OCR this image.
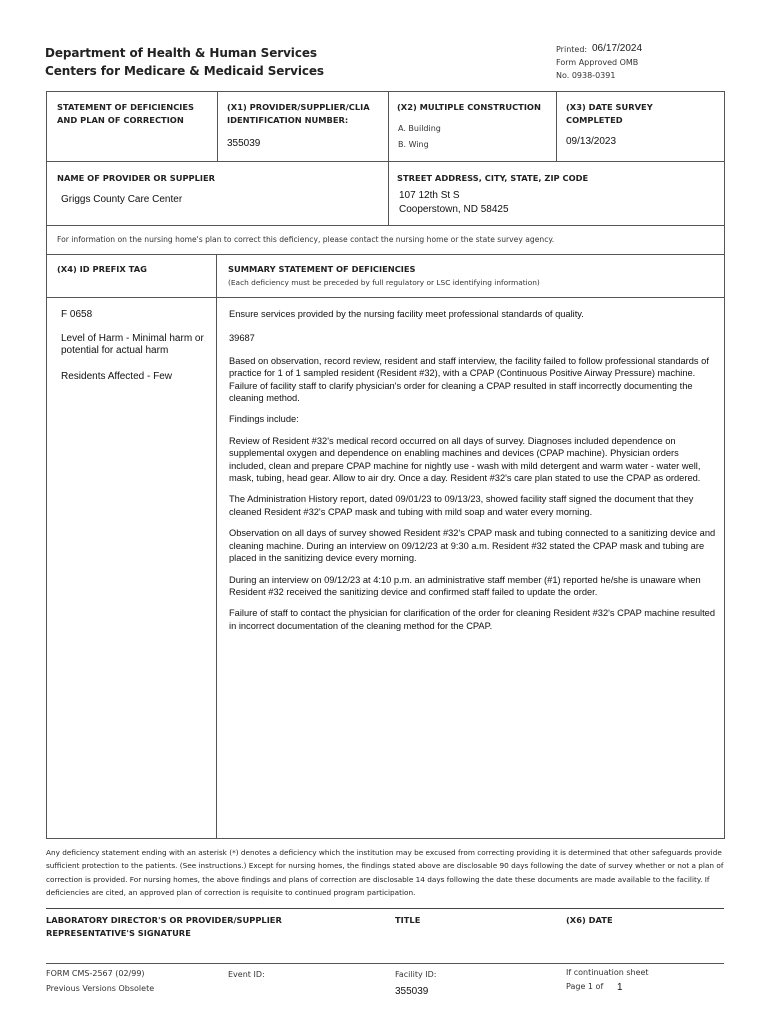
Department of Health & Human Services
Centers for Medicare & Medicaid Services
Printed: 06/17/2024
Form Approved OMB
No. 0938-0391
STATEMENT OF DEFICIENCIES AND PLAN OF CORRECTION
(X1) PROVIDER/SUPPLIER/CLIA IDENTIFICATION NUMBER:
355039
(X2) MULTIPLE CONSTRUCTION
A. Building
B. Wing
(X3) DATE SURVEY COMPLETED
09/13/2023
NAME OF PROVIDER OR SUPPLIER
Griggs County Care Center
STREET ADDRESS, CITY, STATE, ZIP CODE
107 12th St S
Cooperstown, ND 58425
For information on the nursing home's plan to correct this deficiency, please contact the nursing home or the state survey agency.
(X4) ID PREFIX TAG	SUMMARY STATEMENT OF DEFICIENCIES
(Each deficiency must be preceded by full regulatory or LSC identifying information)
F 0658
Level of Harm - Minimal harm or potential for actual harm
Residents Affected - Few

Ensure services provided by the nursing facility meet professional standards of quality.

39687

Based on observation, record review, resident and staff interview, the facility failed to follow professional standards of practice for 1 of 1 sampled resident (Resident #32), with a CPAP (Continuous Positive Airway Pressure) machine. Failure of facility staff to clarify physician's order for cleaning a CPAP resulted in staff incorrectly documenting the cleaning method.

Findings include:

Review of Resident #32's medical record occurred on all days of survey. Diagnoses included dependence on supplemental oxygen and dependence on enabling machines and devices (CPAP machine). Physician orders included, clean and prepare CPAP machine for nightly use - wash with mild detergent and warm water - water well, mask, tubing, head gear. Allow to air dry. Once a day. Resident #32's care plan stated to use the CPAP as ordered.

The Administration History report, dated 09/01/23 to 09/13/23, showed facility staff signed the document that they cleaned Resident #32's CPAP mask and tubing with mild soap and water every morning.

Observation on all days of survey showed Resident #32's CPAP mask and tubing connected to a sanitizing device and cleaning machine. During an interview on 09/12/23 at 9:30 a.m. Resident #32 stated the CPAP mask and tubing are placed in the sanitizing device every morning.

During an interview on 09/12/23 at 4:10 p.m. an administrative staff member (#1) reported he/she is unaware when Resident #32 received the sanitizing device and confirmed staff failed to update the order.

Failure of staff to contact the physician for clarification of the order for cleaning Resident #32's CPAP machine resulted in incorrect documentation of the cleaning method for the CPAP.

Any deficiency statement ending with an asterisk (*) denotes a deficiency which the institution may be excused from correcting providing it is determined that other safeguards provide sufficient protection to the patients. (See instructions.) Except for nursing homes, the findings stated above are disclosable 90 days following the date of survey whether or not a plan of correction is provided. For nursing homes, the above findings and plans of correction are disclosable 14 days following the date these documents are made available to the facility. If deficiencies are cited, an approved plan of correction is requisite to continued program participation.
LABORATORY DIRECTOR'S OR PROVIDER/SUPPLIER REPRESENTATIVE'S SIGNATURE
TITLE	(X6) DATE
FORM CMS-2567 (02/99)
Previous Versions Obsolete
Event ID:	Facility ID:
355039
If continuation sheet
Page 1 of 1
